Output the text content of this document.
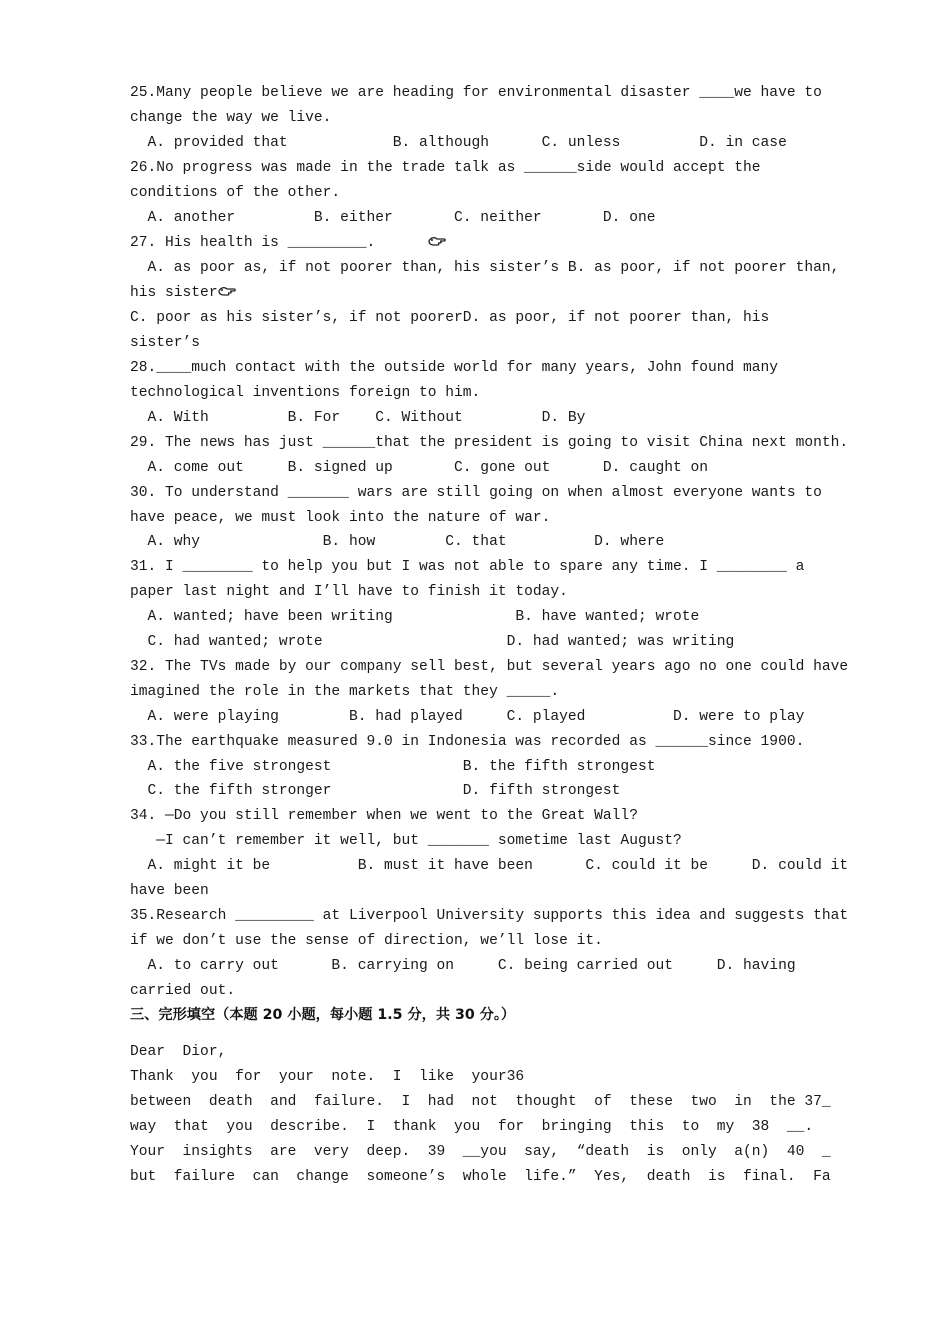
25.Many people believe we are heading for environmental disaster ____we have to
change the way we live.
A. provided that            B. although      C. unless         D. in case
26.No progress was made in the trade talk as ______side would accept the
conditions of the other.
A. another         B. either       C. neither       D. one
27. His health is _________.
A. as poor as, if not poorer than, his sister’s B. as poor, if not poorer than,
his sister
C. poor as his sister’s, if not poorerD. as poor, if not poorer than, his
sister’s
28.____much contact with the outside world for many years, John found many
technological inventions foreign to him.
A. With         B. For    C. Without         D. By
29. The news has just ______that the president is going to visit China next month.
A. come out     B. signed up       C. gone out      D. caught on
30. To understand _______ wars are still going on when almost everyone wants to
have peace, we must look into the nature of war.
A. why              B. how        C. that          D. where
31. I ________ to help you but I was not able to spare any time. I ________ a
paper last night and I’ll have to finish it today.
A. wanted; have been writing              B. have wanted; wrote
C. had wanted; wrote                     D. had wanted; was writing
32. The TVs made by our company sell best, but several years ago no one could have
imagined the role in the markets that they _____.
A. were playing        B. had played     C. played          D. were to play
33.The earthquake measured 9.0 in Indonesia was recorded as ______since 1900.
A. the five strongest               B. the fifth strongest
C. the fifth stronger               D. fifth strongest
34. —Do you still remember when we went to the Great Wall?
—I can’t remember it well, but _______ sometime last August?
A. might it be          B. must it have been      C. could it be     D. could it
have been
35.Research _________ at Liverpool University supports this idea and suggests that
if we don’t use the sense of direction, we’ll lose it.
A. to carry out      B. carrying on     C. being carried out     D. having
carried out.
三、完形填空（本题 20 小题，每小题 1.5 分，共 30 分。）
Dear  Dior,
Thank  you  for  your  note.  I  like  your36
between  death  and  failure.  I  had  not  thought  of  these  two  in  the 37_
way  that  you  describe.  I  thank  you  for  bringing  this  to  my  38  __.
Your  insights  are  very  deep.  39  __you  say,  “death  is  only  a(n)  40  _
but  failure  can  change  someone’s  whole  life.”  Yes,  death  is  final.  Fa
